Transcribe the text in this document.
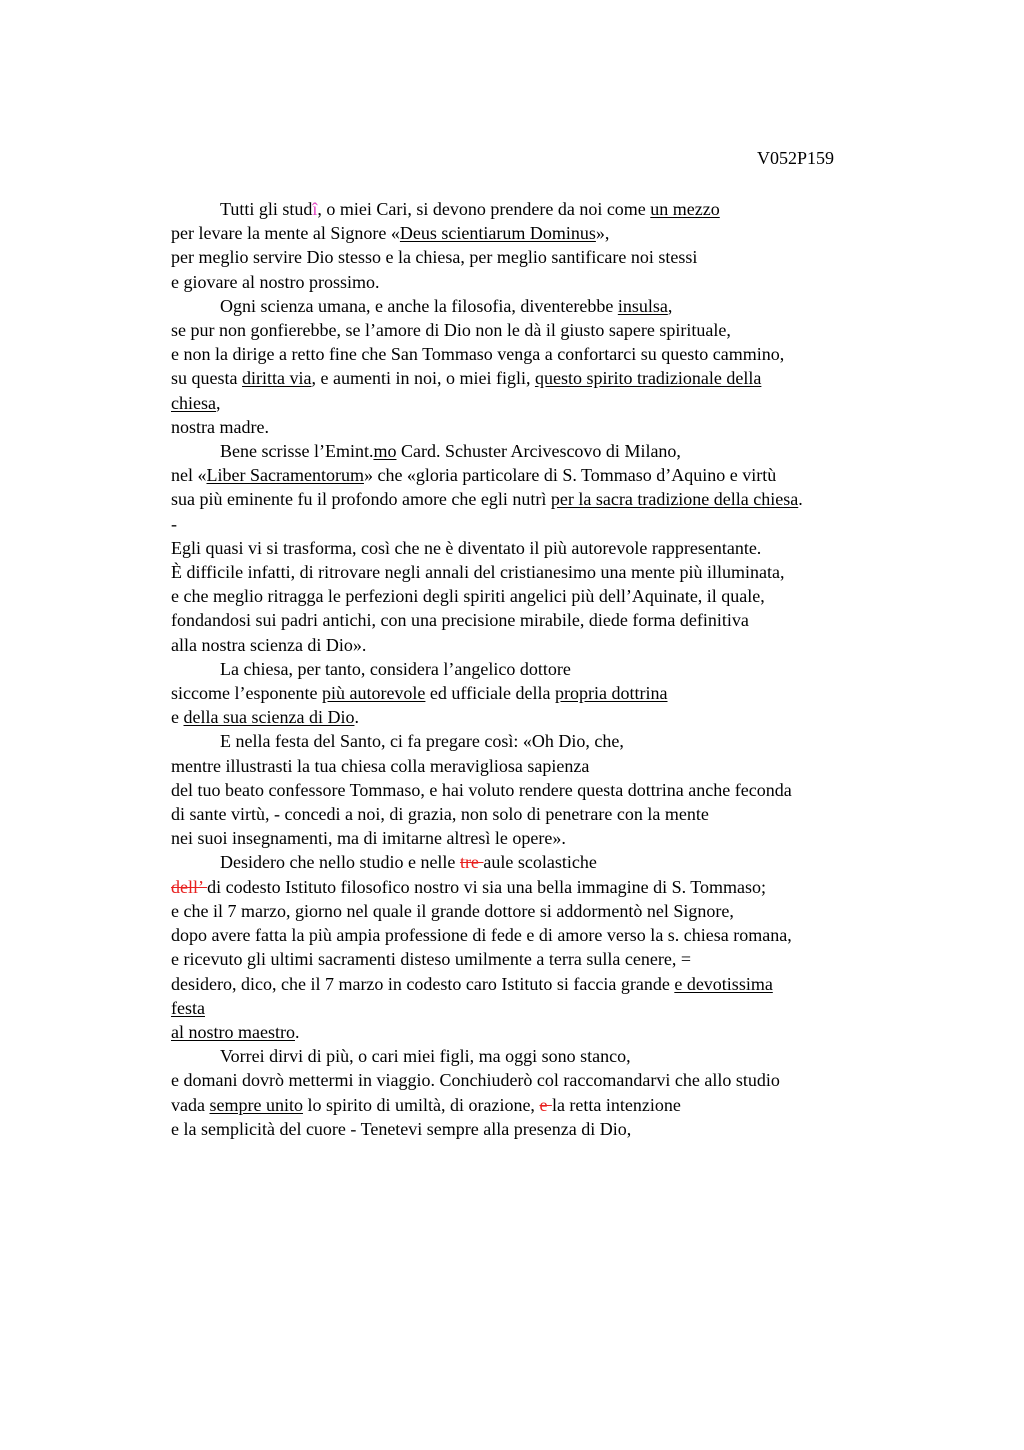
V052P159
Tutti gli studî, o miei Cari, si devono prendere da noi come un mezzo
per levare la mente al Signore «Deus scientiarum Dominus»,
per meglio servire Dio stesso e la chiesa, per meglio santificare noi stessi
e giovare al nostro prossimo.
Ogni scienza umana, e anche la filosofia, diventerebbe insulsa,
se pur non gonfierebbe, se l’amore di Dio non le dà il giusto sapere spirituale,
e non la dirige a retto fine che San Tommaso venga a confortarci su questo cammino,
su questa diritta via, e aumenti in noi, o miei figli, questo spirito tradizionale della
chiesa,
nostra madre.
Bene scrisse l’Emint.mo Card. Schuster Arcivescovo di Milano,
nel «Liber Sacramentorum» che «gloria particolare di S. Tommaso d’Aquino e virtù
sua più eminente fu il profondo amore che egli nutrì per la sacra tradizione della chiesa.
-
Egli quasi vi si trasforma, così che ne è diventato il più autorevole rappresentante.
È difficile infatti, di ritrovare negli annali del cristianesimo una mente più illuminata,
e che meglio ritragga le perfezioni degli spiriti angelici più dell’Aquinate, il quale,
fondandosi sui padri antichi, con una precisione mirabile, diede forma definitiva
alla nostra scienza di Dio».
La chiesa, per tanto, considera l’angelico dottore
siccome l’esponente più autorevole ed ufficiale della propria dottrina
e della sua scienza di Dio.
E nella festa del Santo, ci fa pregare così: «Oh Dio, che,
mentre illustrasti la tua chiesa colla meravigliosa sapienza
del tuo beato confessore Tommaso, e hai voluto rendere questa dottrina anche feconda
di sante virtù, - concedi a noi, di grazia, non solo di penetrare con la mente
nei suoi insegnamenti, ma di imitarne altresì le opere».
Desidero che nello studio e nelle tre aule scolastiche
dell’ di codesto Istituto filosofico nostro vi sia una bella immagine di S. Tommaso;
e che il 7 marzo, giorno nel quale il grande dottore si addormentò nel Signore,
dopo avere fatta la più ampia professione di fede e di amore verso la s. chiesa romana,
e ricevuto gli ultimi sacramenti disteso umilmente a terra sulla cenere, =
desidero, dico, che il 7 marzo in codesto caro Istituto si faccia grande e devotissima
festa
al nostro maestro.
Vorrei dirvi di più, o cari miei figli, ma oggi sono stanco,
e domani dovrò mettermi in viaggio. Conchiuderò col raccomandarvi che allo studio
vada sempre unito lo spirito di umiltà, di orazione, e la retta intenzione
e la semplicità del cuore - Tenetevi sempre alla presenza di Dio,
